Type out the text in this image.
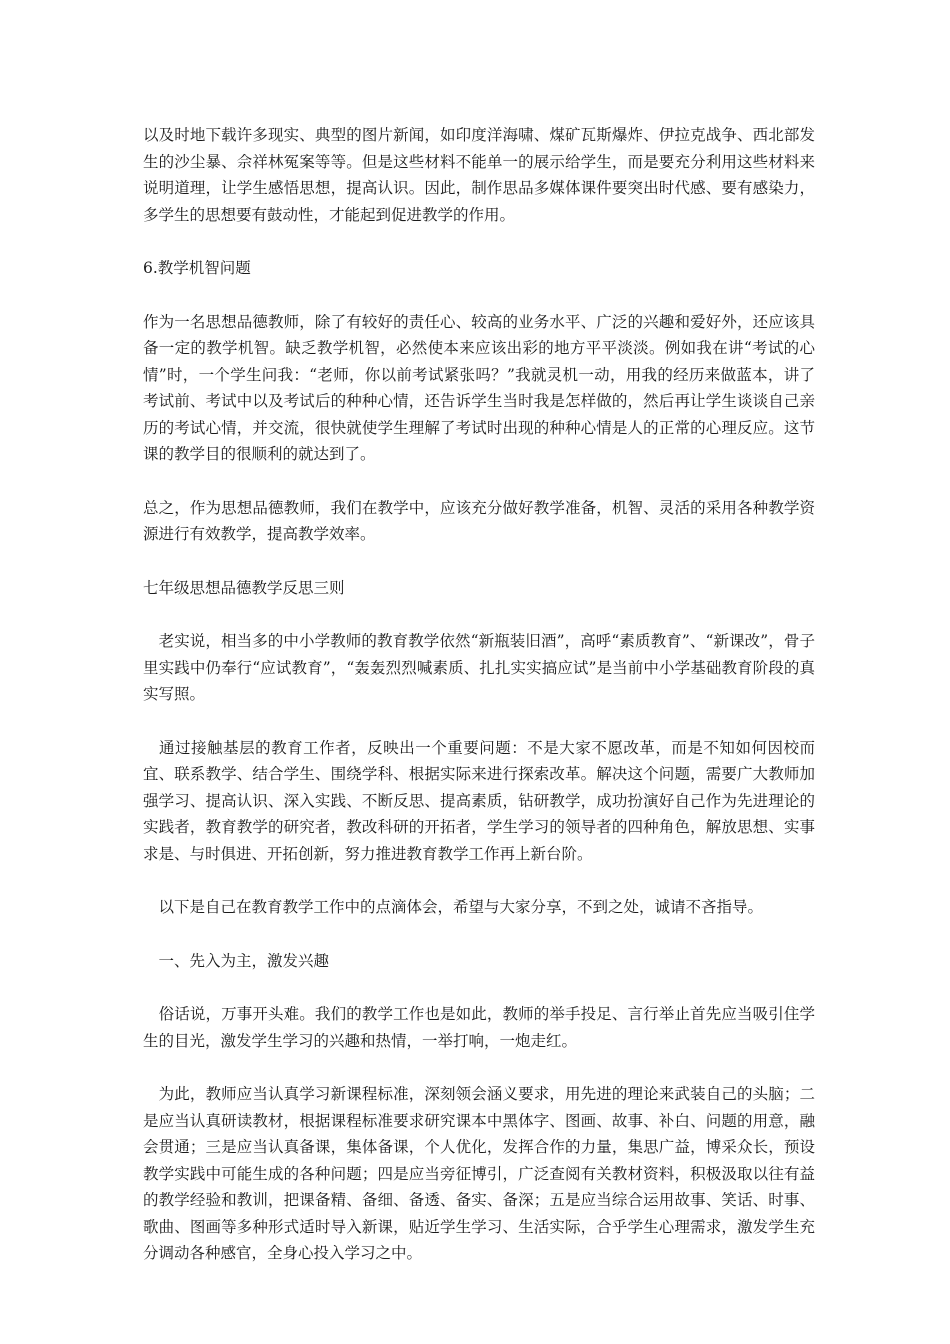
以及时地下载许多现实、典型的图片新闻，如印度洋海啸、煤矿瓦斯爆炸、伊拉克战争、西北部发生的沙尘暴、佘祥林冤案等等。但是这些材料不能单一的展示给学生，而是要充分利用这些材料来说明道理，让学生感悟思想，提高认识。因此，制作思品多媒体课件要突出时代感、要有感染力，多学生的思想要有鼓动性，才能起到促进教学的作用。

6.教学机智问题

作为一名思想品德教师，除了有较好的责任心、较高的业务水平、广泛的兴趣和爱好外，还应该具备一定的教学机智。缺乏教学机智，必然使本来应该出彩的地方平平淡淡。例如我在讲“考试的心情”时，一个学生问我：“老师，你以前考试紧张吗？”我就灵机一动，用我的经历来做蓝本，讲了考试前、考试中以及考试后的种种心情，还告诉学生当时我是怎样做的，然后再让学生谈谈自己亲历的考试心情，并交流，很快就使学生理解了考试时出现的种种心情是人的正常的心理反应。这节课的教学目的很顺利的就达到了。

总之，作为思想品德教师，我们在教学中，应该充分做好教学准备，机智、灵活的采用各种教学资源进行有效教学，提高教学效率。

七年级思想品德教学反思三则

　老实说，相当多的中小学教师的教育教学依然“新瓶装旧酒”，高呼“素质教育”、“新课改”，骨子里实践中仍奉行“应试教育”，“轰轰烈烈喊素质、扎扎实实搞应试”是当前中小学基础教育阶段的真实写照。

　通过接触基层的教育工作者，反映出一个重要问题：不是大家不愿改革，而是不知如何因校而宜、联系教学、结合学生、围绕学科、根据实际来进行探索改革。解决这个问题，需要广大教师加强学习、提高认识、深入实践、不断反思、提高素质，钻研教学，成功扮演好自己作为先进理论的实践者，教育教学的研究者，教改科研的开拓者，学生学习的领导者的四种角色，解放思想、实事求是、与时俱进、开拓创新，努力推进教育教学工作再上新台阶。

　以下是自己在教育教学工作中的点滴体会，希望与大家分享，不到之处，诚请不吝指导。

　一、先入为主，激发兴趣

　俗话说，万事开头难。我们的教学工作也是如此，教师的举手投足、言行举止首先应当吸引住学生的目光，激发学生学习的兴趣和热情，一举打响，一炮走红。

　为此，教师应当认真学习新课程标准，深刻领会涵义要求，用先进的理论来武装自己的头脑；二是应当认真研读教材，根据课程标准要求研究课本中黑体字、图画、故事、补白、问题的用意，融会贯通；三是应当认真备课，集体备课，个人优化，发挥合作的力量，集思广益，博采众长，预设教学实践中可能生成的各种问题；四是应当旁征博引，广泛查阅有关教材资料，积极汲取以往有益的教学经验和教训，把课备精、备细、备透、备实、备深；五是应当综合运用故事、笑话、时事、歌曲、图画等多种形式适时导入新课，贴近学生学习、生活实际，合乎学生心理需求，激发学生充分调动各种感官，全身心投入学习之中。
